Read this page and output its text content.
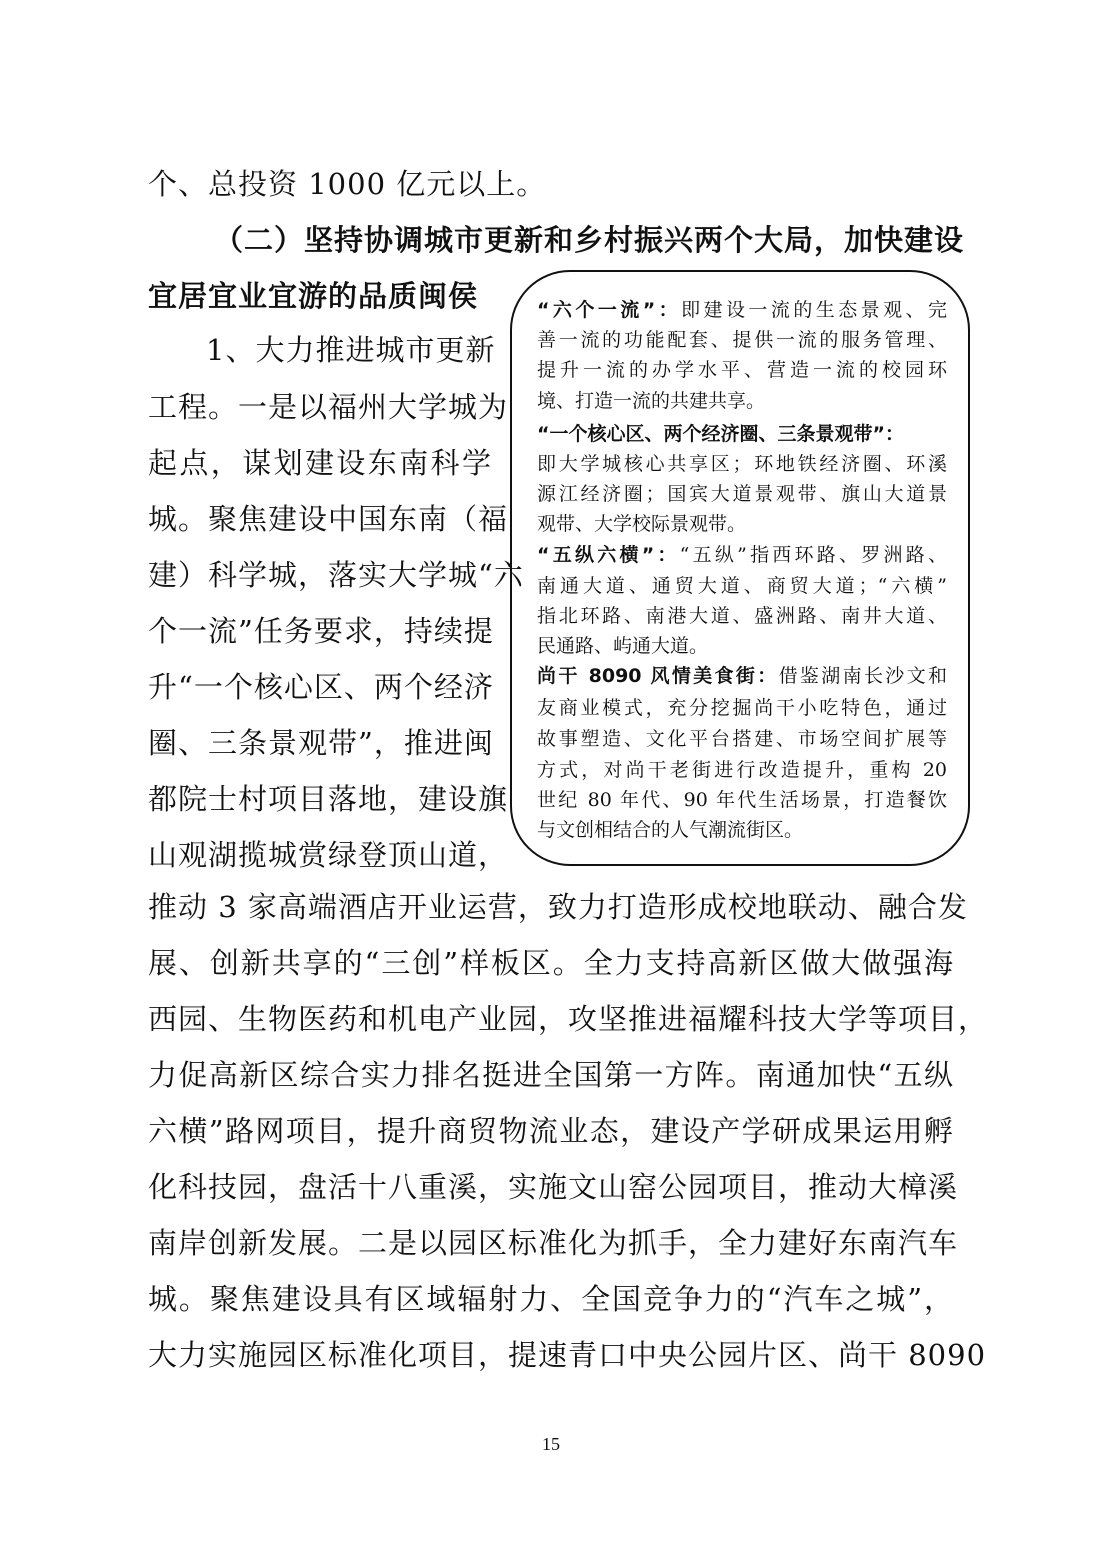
个、总投资 1000 亿元以上。
（二）坚持协调城市更新和乡村振兴两个大局，加快建设
宜居宜业宜游的品质闽侯
1、大力推进城市更新
工程。一是以福州大学城为
起点，谋划建设东南科学
城。聚焦建设中国东南（福
建）科学城，落实大学城“六
个一流”任务要求，持续提
升“一个核心区、两个经济
圈、三条景观带”，推进闽
都院士村项目落地，建设旗
山观湖揽城赏绿登顶山道，
推动 3 家高端酒店开业运营，致力打造形成校地联动、融合发
展、创新共享的“三创”样板区。全力支持高新区做大做强海
西园、生物医药和机电产业园，攻坚推进福耀科技大学等项目，
力促高新区综合实力排名挺进全国第一方阵。南通加快“五纵
六横”路网项目，提升商贸物流业态，建设产学研成果运用孵
化科技园，盘活十八重溪，实施文山窑公园项目，推动大樟溪
南岸创新发展。二是以园区标准化为抓手，全力建好东南汽车
城。聚焦建设具有区域辐射力、全国竞争力的“汽车之城”，
大力实施园区标准化项目，提速青口中央公园片区、尚干 8090
“六个一流”：即建设一流的生态景观、完
善一流的功能配套、提供一流的服务管理、
提升一流的办学水平、营造一流的校园环
境、打造一流的共建共享。
“一个核心区、两个经济圈、三条景观带”：
即大学城核心共享区；环地铁经济圈、环溪
源江经济圈；国宾大道景观带、旗山大道景
观带、大学校际景观带。
“五纵六横”：“五纵”指西环路、罗洲路、
南通大道、通贸大道、商贸大道；“六横”
指北环路、南港大道、盛洲路、南井大道、
民通路、屿通大道。
尚干 8090 风情美食街：借鉴湖南长沙文和
友商业模式，充分挖掘尚干小吃特色，通过
故事塑造、文化平台搭建、市场空间扩展等
方式，对尚干老街进行改造提升，重构 20
世纪 80 年代、90 年代生活场景，打造餐饮
与文创相结合的人气潮流街区。
15
